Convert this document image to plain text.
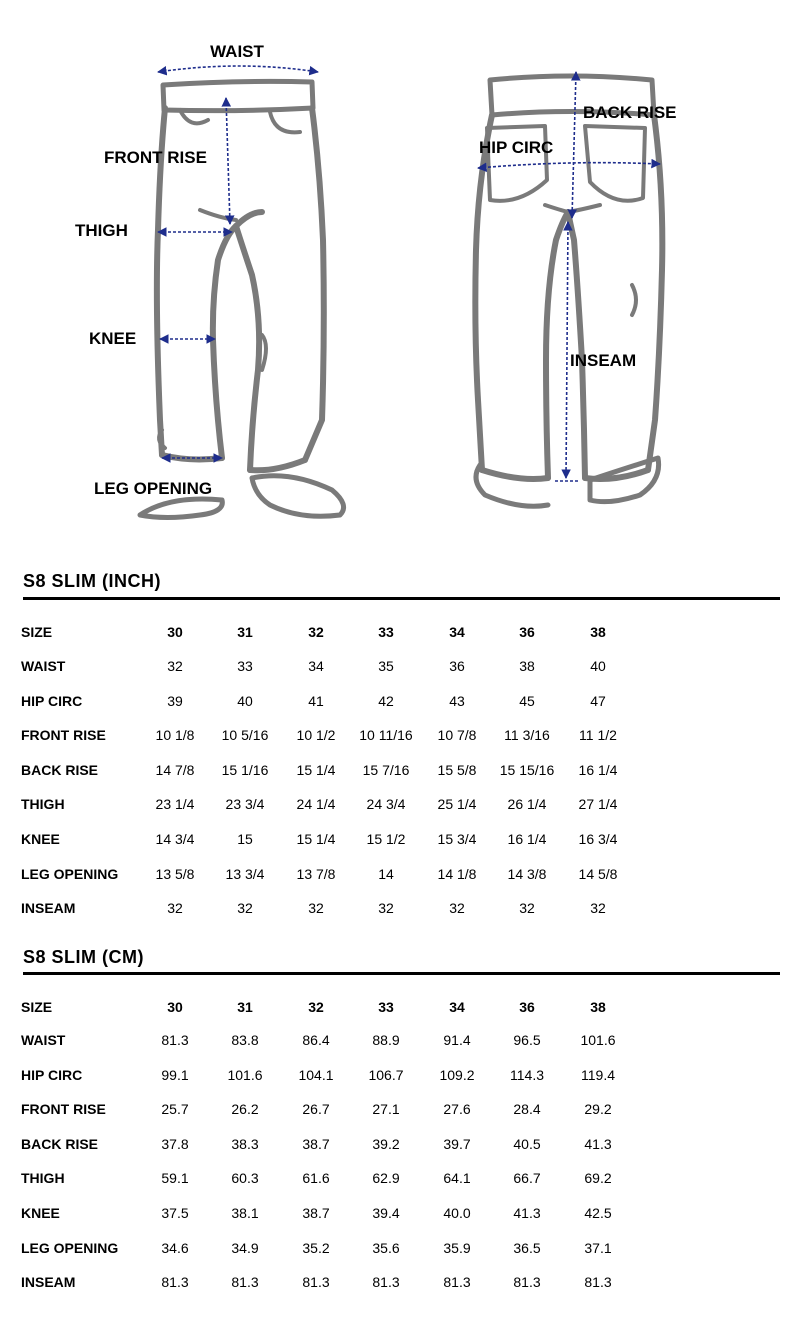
WAIST
FRONT RISE
THIGH
KNEE
LEG OPENING
BACK RISE
HIP CIRC
INSEAM
S8 SLIM (INCH)
SIZE	30	31	32	33	34	36	38
WAIST	32	33	34	35	36	38	40
HIP CIRC	39	40	41	42	43	45	47
FRONT RISE	10 1/8	10 5/16	10 1/2	10 11/16	10 7/8	11 3/16	11 1/2
BACK RISE	14 7/8	15 1/16	15 1/4	15 7/16	15 5/8	15 15/16	16 1/4
THIGH	23 1/4	23 3/4	24 1/4	24 3/4	25 1/4	26 1/4	27 1/4
KNEE	14 3/4	15	15 1/4	15 1/2	15 3/4	16 1/4	16 3/4
LEG OPENING	13 5/8	13 3/4	13 7/8	14	14 1/8	14 3/8	14 5/8
INSEAM	32	32	32	32	32	32	32
S8 SLIM (CM)
SIZE	30	31	32	33	34	36	38
WAIST	81.3	83.8	86.4	88.9	91.4	96.5	101.6
HIP CIRC	99.1	101.6	104.1	106.7	109.2	114.3	119.4
FRONT RISE	25.7	26.2	26.7	27.1	27.6	28.4	29.2
BACK RISE	37.8	38.3	38.7	39.2	39.7	40.5	41.3
THIGH	59.1	60.3	61.6	62.9	64.1	66.7	69.2
KNEE	37.5	38.1	38.7	39.4	40.0	41.3	42.5
LEG OPENING	34.6	34.9	35.2	35.6	35.9	36.5	37.1
INSEAM	81.3	81.3	81.3	81.3	81.3	81.3	81.3
